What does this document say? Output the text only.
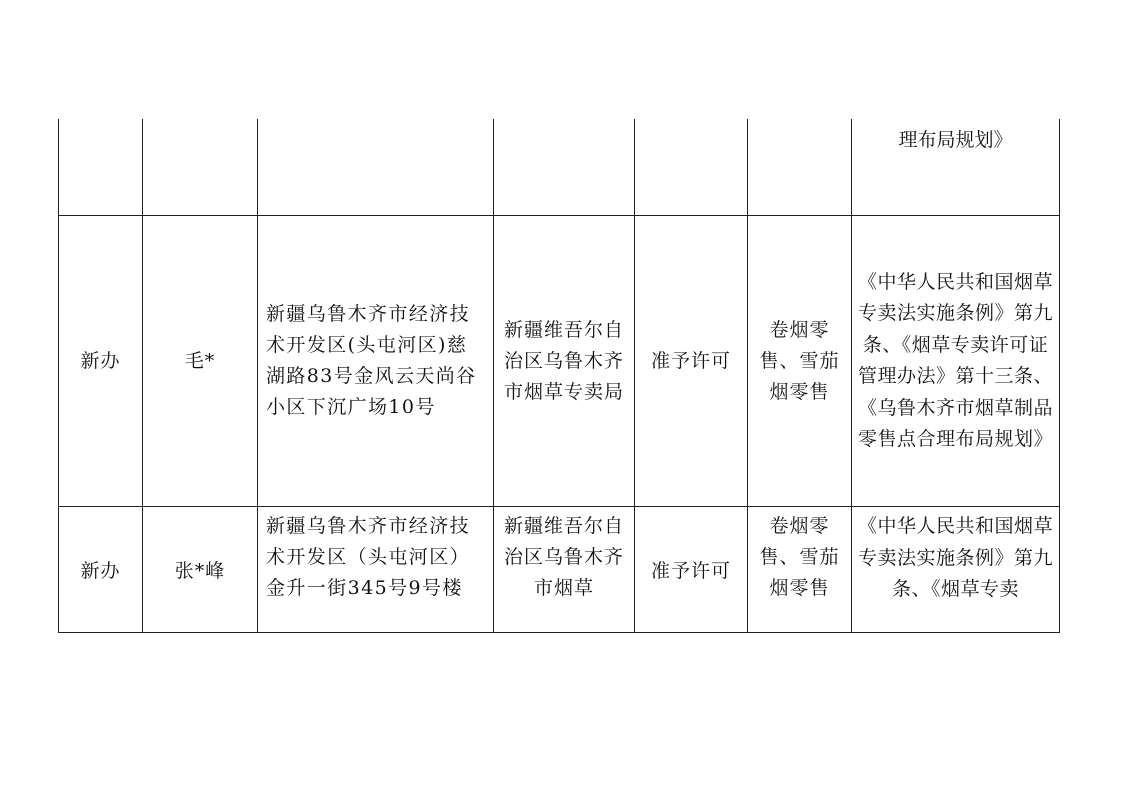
						理布局规划》

新办	毛*	新疆乌鲁木齐市经济技术开发区(头屯河区)慈湖路83号金风云天尚谷小区下沉广场10号	新疆维吾尔自治区乌鲁木齐市烟草专卖局	准予许可	卷烟零售、雪茄烟零售	《中华人民共和国烟草专卖法实施条例》第九条、《烟草专卖许可证管理办法》第十三条、《乌鲁木齐市烟草制品零售点合理布局规划》

新办	张*峰	新疆乌鲁木齐市经济技术开发区（头屯河区）金升一街345号9号楼	新疆维吾尔自治区乌鲁木齐市烟草	准予许可	卷烟零售、雪茄烟零售	《中华人民共和国烟草专卖法实施条例》第九条、《烟草专卖
